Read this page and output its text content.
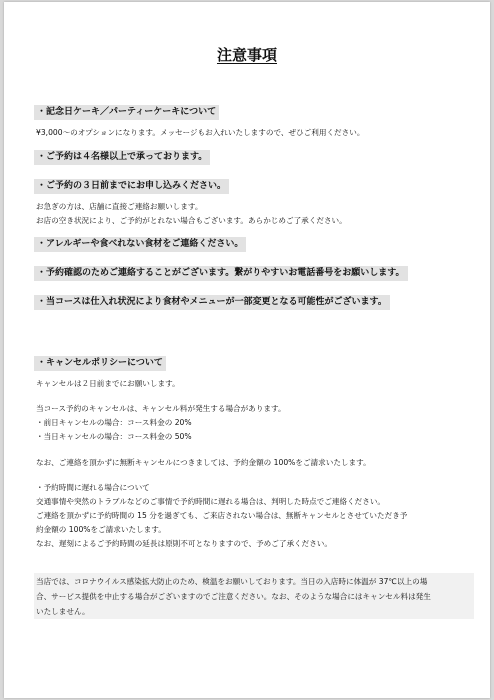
注意事項
・記念日ケーキ／パーティーケーキについて
¥3,000〜のオプションになります。メッセージもお入れいたしますので、ぜひご利用ください。
・ご予約は４名様以上で承っております。
・ご予約の３日前までにお申し込みください。
お急ぎの方は、店舗に直接ご連絡お願いします。
お店の空き状況により、ご予約がとれない場合もございます。あらかじめご了承ください。
・アレルギーや食べれない食材をご連絡ください。
・予約確認のためご連絡することがございます。繋がりやすいお電話番号をお願いします。
・当コースは仕入れ状況により食材やメニューが一部変更となる可能性がございます。
・キャンセルポリシーについて
キャンセルは２日前までにお願いします。
当コース予約のキャンセルは、キャンセル料が発生する場合があります。
・前日キャンセルの場合：コース料金の 20%
・当日キャンセルの場合：コース料金の 50%
なお、ご連絡を頂かずに無断キャンセルにつきましては、予約金額の 100%をご請求いたします。
・予約時間に遅れる場合について
交通事情や突然のトラブルなどのご事情で予約時間に遅れる場合は、判明した時点でご連絡ください。
ご連絡を頂かずに予約時間の 15 分を過ぎても、ご来店されない場合は、無断キャンセルとさせていただき予
約金額の 100%をご請求いたします。
なお、遅刻によるご予約時間の延長は原則不可となりますので、予めご了承ください。
当店では、コロナウイルス感染拡大防止のため、検温をお願いしております。当日の入店時に体温が 37℃以上の場
合、サービス提供を中止する場合がございますのでご注意ください。なお、そのような場合にはキャンセル料は発生
いたしません。
